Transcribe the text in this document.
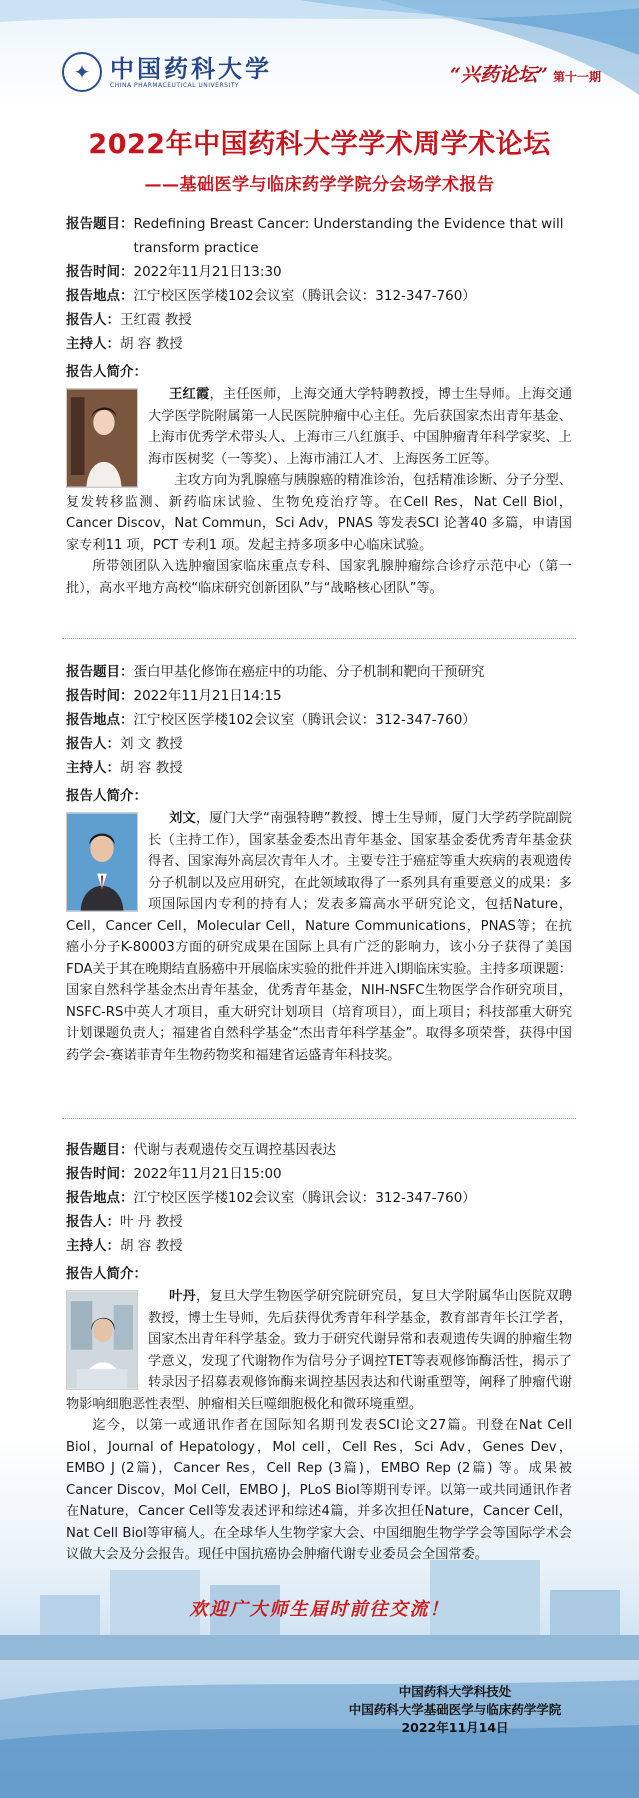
✦ 中国药科大学
CHINA PHARMACEUTICAL UNIVERSITY	“兴药论坛” 第十一期
2022年中国药科大学学术周学术论坛
——基础医学与临床药学学院分会场学术报告
报告题目： Redefining Breast Cancer: Understanding the Evidence that will transform practice
报告时间： 2022年11月21日13:30
报告地点： 江宁校区医学楼102会议室（腾讯会议：312-347-760）
报告人： 王红霞 教授
主持人： 胡 容 教授
报告人简介：

王红霞，主任医师，上海交通大学特聘教授，博士生导师。上海交通大学医学院附属第一人民医院肿瘤中心主任。先后获国家杰出青年基金、上海市优秀学术带头人、上海市三八红旗手、中国肿瘤青年科学家奖、上海市医树奖（一等奖）、上海市浦江人才、上海医务工匠等。

主攻方向为乳腺癌与胰腺癌的精准诊治，包括精准诊断、分子分型、复发转移监测、新药临床试验、生物免疫治疗等。在Cell Res，Nat Cell Biol，Cancer Discov，Nat Commun，Sci Adv，PNAS 等发表SCI 论著40 多篇，申请国家专利11 项，PCT 专利1 项。发起主持多项多中心临床试验。

所带领团队入选肿瘤国家临床重点专科、国家乳腺肿瘤综合诊疗示范中心（第一批），高水平地方高校“临床研究创新团队”与“战略核心团队”等。

报告题目： 蛋白甲基化修饰在癌症中的功能、分子机制和靶向干预研究
报告时间： 2022年11月21日14:15
报告地点： 江宁校区医学楼102会议室（腾讯会议：312-347-760）
报告人： 刘 文 教授
主持人： 胡 容 教授
报告人简介：

刘文，厦门大学“南强特聘”教授、博士生导师，厦门大学药学院副院长（主持工作），国家基金委杰出青年基金、国家基金委优秀青年基金获得者、国家海外高层次青年人才。主要专注于癌症等重大疾病的表观遗传分子机制以及应用研究，在此领域取得了一系列具有重要意义的成果：多项国际国内专利的持有人；发表多篇高水平研究论文，包括Nature，Cell，Cancer Cell，Molecular Cell，Nature Communications，PNAS等；在抗癌小分子K-80003方面的研究成果在国际上具有广泛的影响力，该小分子获得了美国FDA关于其在晚期结直肠癌中开展临床实验的批件并进入I期临床实验。主持多项课题：国家自然科学基金杰出青年基金，优秀青年基金，NIH-NSFC生物医学合作研究项目，NSFC-RS中英人才项目，重大研究计划项目（培育项目），面上项目；科技部重大研究计划课题负责人；福建省自然科学基金“杰出青年科学基金”。取得多项荣誉，获得中国药学会-赛诺菲青年生物药物奖和福建省运盛青年科技奖。

报告题目： 代谢与表观遗传交互调控基因表达
报告时间： 2022年11月21日15:00
报告地点： 江宁校区医学楼102会议室（腾讯会议：312-347-760）
报告人： 叶 丹 教授
主持人： 胡 容 教授
报告人简介：

叶丹，复旦大学生物医学研究院研究员，复旦大学附属华山医院双聘教授，博士生导师，先后获得优秀青年科学基金，教育部青年长江学者，国家杰出青年科学基金。致力于研究代谢异常和表观遗传失调的肿瘤生物学意义，发现了代谢物作为信号分子调控TET等表观修饰酶活性，揭示了转录因子招募表观修饰酶来调控基因表达和代谢重塑等，阐释了肿瘤代谢物影响细胞恶性表型、肿瘤相关巨噬细胞极化和微环境重塑。

迄今，以第一或通讯作者在国际知名期刊发表SCI论文27篇。刊登在Nat Cell Biol，Journal of Hepatology，Mol cell，Cell Res，Sci Adv，Genes Dev，EMBO J (2篇)，Cancer Res，Cell Rep (3篇)，EMBO Rep (2篇) 等。成果被Cancer Discov，Mol Cell，EMBO J，PLoS Biol等期刊专评。以第一或共同通讯作者在Nature，Cancer Cell等发表述评和综述4篇，并多次担任Nature，Cancer Cell，Nat Cell Biol等审稿人。在全球华人生物学家大会、中国细胞生物学学会等国际学术会议做大会及分会报告。现任中国抗癌协会肿瘤代谢专业委员会全国常委。

欢迎广大师生届时前往交流！
中国药科大学科技处
中国药科大学基础医学与临床药学学院
2022年11月14日
